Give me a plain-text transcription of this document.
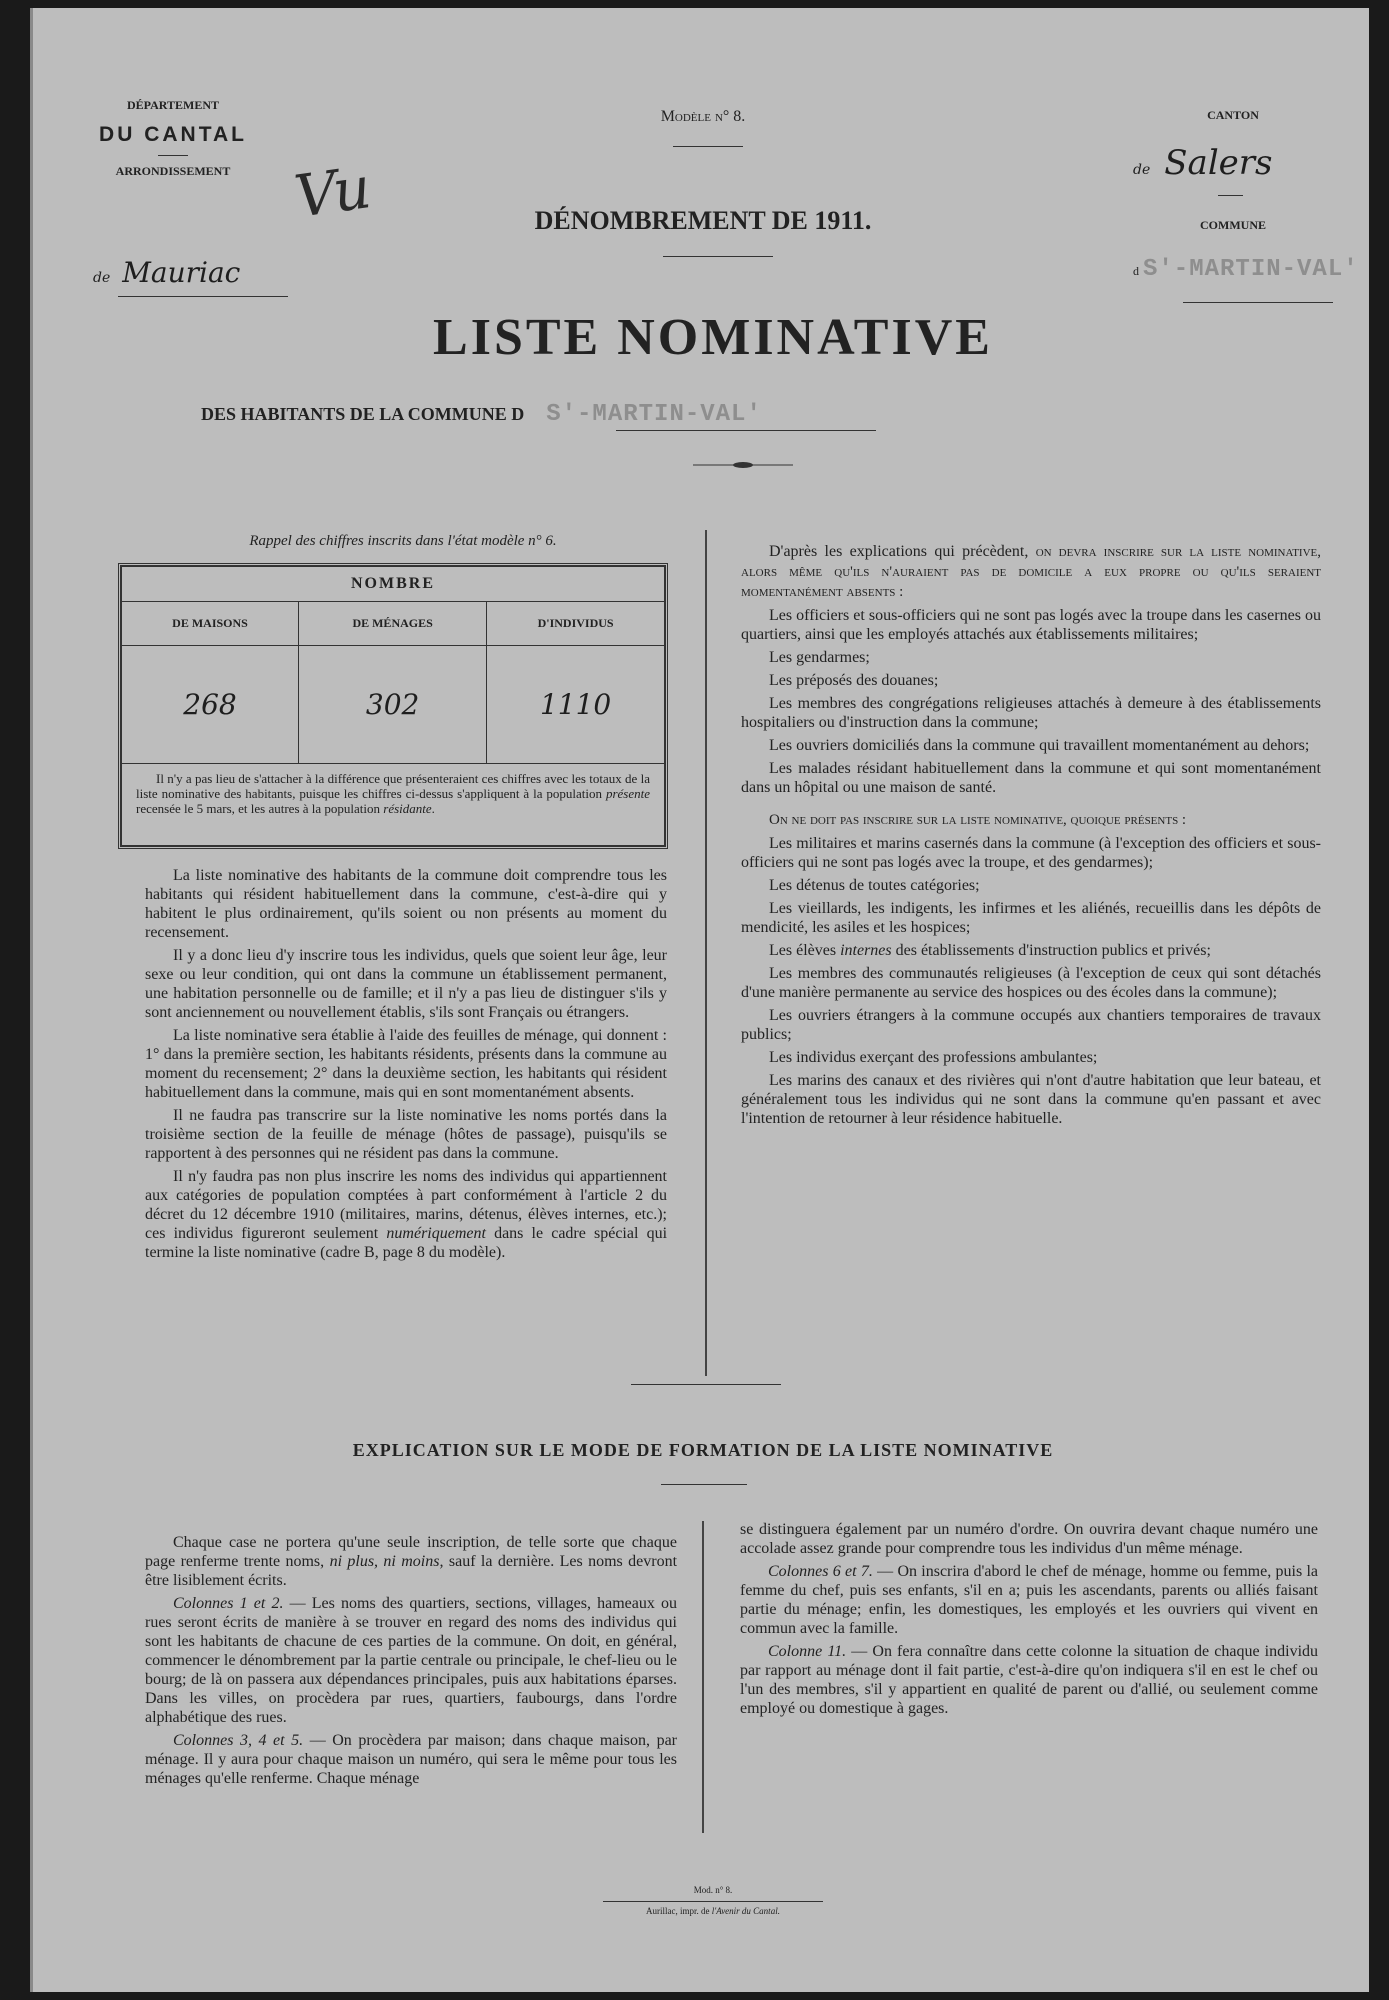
DÉPARTEMENT
DU CANTAL
ARRONDISSEMENT
de Mauriac
Modèle n° 8.
DÉNOMBREMENT DE 1911.
Vu
CANTON
de Salers
COMMUNE
d S'-MARTIN-VAL'
LISTE NOMINATIVE
DES HABITANTS DE LA COMMUNE D S'-MARTIN-VAL'
Rappel des chiffres inscrits dans l'état modèle n° 6.
NOMBRE		
DE MAISONS	DE MÉNAGES	D'INDIVIDUS
268	302	1110
Il n'y a pas lieu de s'attacher à la différence que présenteraient ces chiffres avec les totaux de la liste nominative des habitants, puisque les chiffres ci-dessus s'appliquent à la population présente recensée le 5 mars, et les autres à la population résidante.

La liste nominative des habitants de la commune doit comprendre tous les habitants qui résident habituellement dans la commune, c'est-à-dire qui y habitent le plus ordinairement, qu'ils soient ou non présents au moment du recensement.

Il y a donc lieu d'y inscrire tous les individus, quels que soient leur âge, leur sexe ou leur condition, qui ont dans la commune un établissement permanent, une habitation personnelle ou de famille; et il n'y a pas lieu de distinguer s'ils y sont anciennement ou nouvellement établis, s'ils sont Français ou étrangers.

La liste nominative sera établie à l'aide des feuilles de ménage, qui donnent : 1° dans la première section, les habitants résidents, présents dans la commune au moment du recensement; 2° dans la deuxième section, les habitants qui résident habituellement dans la commune, mais qui en sont momentanément absents.

Il ne faudra pas transcrire sur la liste nominative les noms portés dans la troisième section de la feuille de ménage (hôtes de passage), puisqu'ils se rapportent à des personnes qui ne résident pas dans la commune.

Il n'y faudra pas non plus inscrire les noms des individus qui appartiennent aux catégories de population comptées à part conformément à l'article 2 du décret du 12 décembre 1910 (militaires, marins, détenus, élèves internes, etc.); ces individus figureront seulement numériquement dans le cadre spécial qui termine la liste nominative (cadre B, page 8 du modèle).

D'après les explications qui précèdent, on devra inscrire sur la liste nominative, alors même qu'ils n'auraient pas de domicile a eux propre ou qu'ils seraient momentanément absents :

Les officiers et sous-officiers qui ne sont pas logés avec la troupe dans les casernes ou quartiers, ainsi que les employés attachés aux établissements militaires;

Les gendarmes;

Les préposés des douanes;

Les membres des congrégations religieuses attachés à demeure à des établissements hospitaliers ou d'instruction dans la commune;

Les ouvriers domiciliés dans la commune qui travaillent momentanément au dehors;

Les malades résidant habituellement dans la commune et qui sont momentanément dans un hôpital ou une maison de santé.

On ne doit pas inscrire sur la liste nominative, quoique présents :

Les militaires et marins casernés dans la commune (à l'exception des officiers et sous-officiers qui ne sont pas logés avec la troupe, et des gendarmes);

Les détenus de toutes catégories;

Les vieillards, les indigents, les infirmes et les aliénés, recueillis dans les dépôts de mendicité, les asiles et les hospices;

Les élèves internes des établissements d'instruction publics et privés;

Les membres des communautés religieuses (à l'exception de ceux qui sont détachés d'une manière permanente au service des hospices ou des écoles dans la commune);

Les ouvriers étrangers à la commune occupés aux chantiers temporaires de travaux publics;

Les individus exerçant des professions ambulantes;

Les marins des canaux et des rivières qui n'ont d'autre habitation que leur bateau, et généralement tous les individus qui ne sont dans la commune qu'en passant et avec l'intention de retourner à leur résidence habituelle.

EXPLICATION SUR LE MODE DE FORMATION DE LA LISTE NOMINATIVE

Chaque case ne portera qu'une seule inscription, de telle sorte que chaque page renferme trente noms, ni plus, ni moins, sauf la dernière. Les noms devront être lisiblement écrits.

Colonnes 1 et 2. — Les noms des quartiers, sections, villages, hameaux ou rues seront écrits de manière à se trouver en regard des noms des individus qui sont les habitants de chacune de ces parties de la commune. On doit, en général, commencer le dénombrement par la partie centrale ou principale, le chef-lieu ou le bourg; de là on passera aux dépendances principales, puis aux habitations éparses. Dans les villes, on procèdera par rues, quartiers, faubourgs, dans l'ordre alphabétique des rues.

Colonnes 3, 4 et 5. — On procèdera par maison; dans chaque maison, par ménage. Il y aura pour chaque maison un numéro, qui sera le même pour tous les ménages qu'elle renferme. Chaque ménage

se distinguera également par un numéro d'ordre. On ouvrira devant chaque numéro une accolade assez grande pour comprendre tous les individus d'un même ménage.

Colonnes 6 et 7. — On inscrira d'abord le chef de ménage, homme ou femme, puis la femme du chef, puis ses enfants, s'il en a; puis les ascendants, parents ou alliés faisant partie du ménage; enfin, les domestiques, les employés et les ouvriers qui vivent en commun avec la famille.

Colonne 11. — On fera connaître dans cette colonne la situation de chaque individu par rapport au ménage dont il fait partie, c'est-à-dire qu'on indiquera s'il en est le chef ou l'un des membres, s'il y appartient en qualité de parent ou d'allié, ou seulement comme employé ou domestique à gages.

Mod. n° 8.
Aurillac, impr. de l'Avenir du Cantal.
